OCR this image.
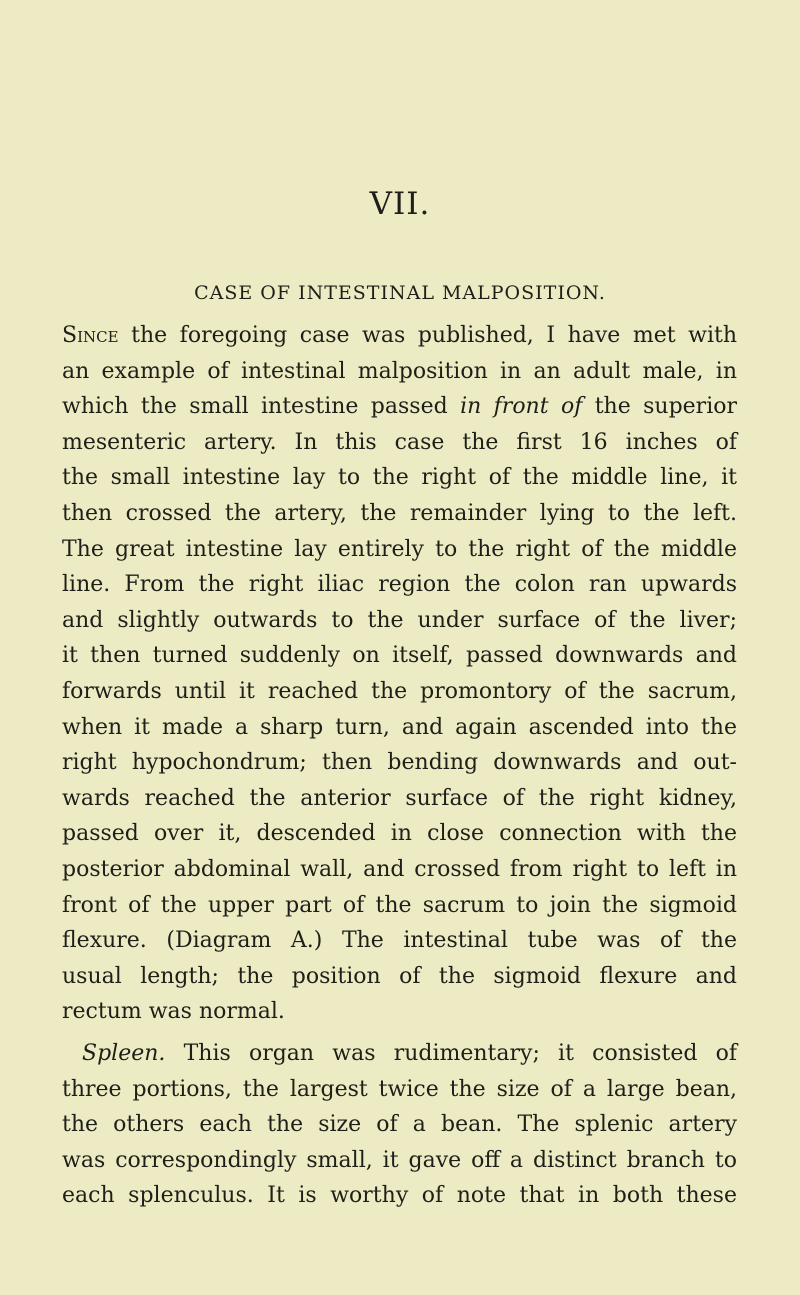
VII.
CASE OF INTESTINAL MALPOSITION.
Since the foregoing case was published, I have met with
an example of intestinal malposition in an adult male, in
which the small intestine passed in front of the superior
mesenteric artery. In this case the first 16 inches of
the small intestine lay to the right of the middle line, it
then crossed the artery, the remainder lying to the left.
The great intestine lay entirely to the right of the middle
line. From the right iliac region the colon ran upwards
and slightly outwards to the under surface of the liver;
it then turned suddenly on itself, passed downwards and
forwards until it reached the promontory of the sacrum,
when it made a sharp turn, and again ascended into the
right hypochondrum; then bending downwards and out-
wards reached the anterior surface of the right kidney,
passed over it, descended in close connection with the
posterior abdominal wall, and crossed from right to left in
front of the upper part of the sacrum to join the sigmoid
flexure. (Diagram A.) The intestinal tube was of the
usual length; the position of the sigmoid flexure and
rectum was normal.
Spleen. This organ was rudimentary; it consisted of
three portions, the largest twice the size of a large bean,
the others each the size of a bean. The splenic artery
was correspondingly small, it gave off a distinct branch to
each splenculus. It is worthy of note that in both these
